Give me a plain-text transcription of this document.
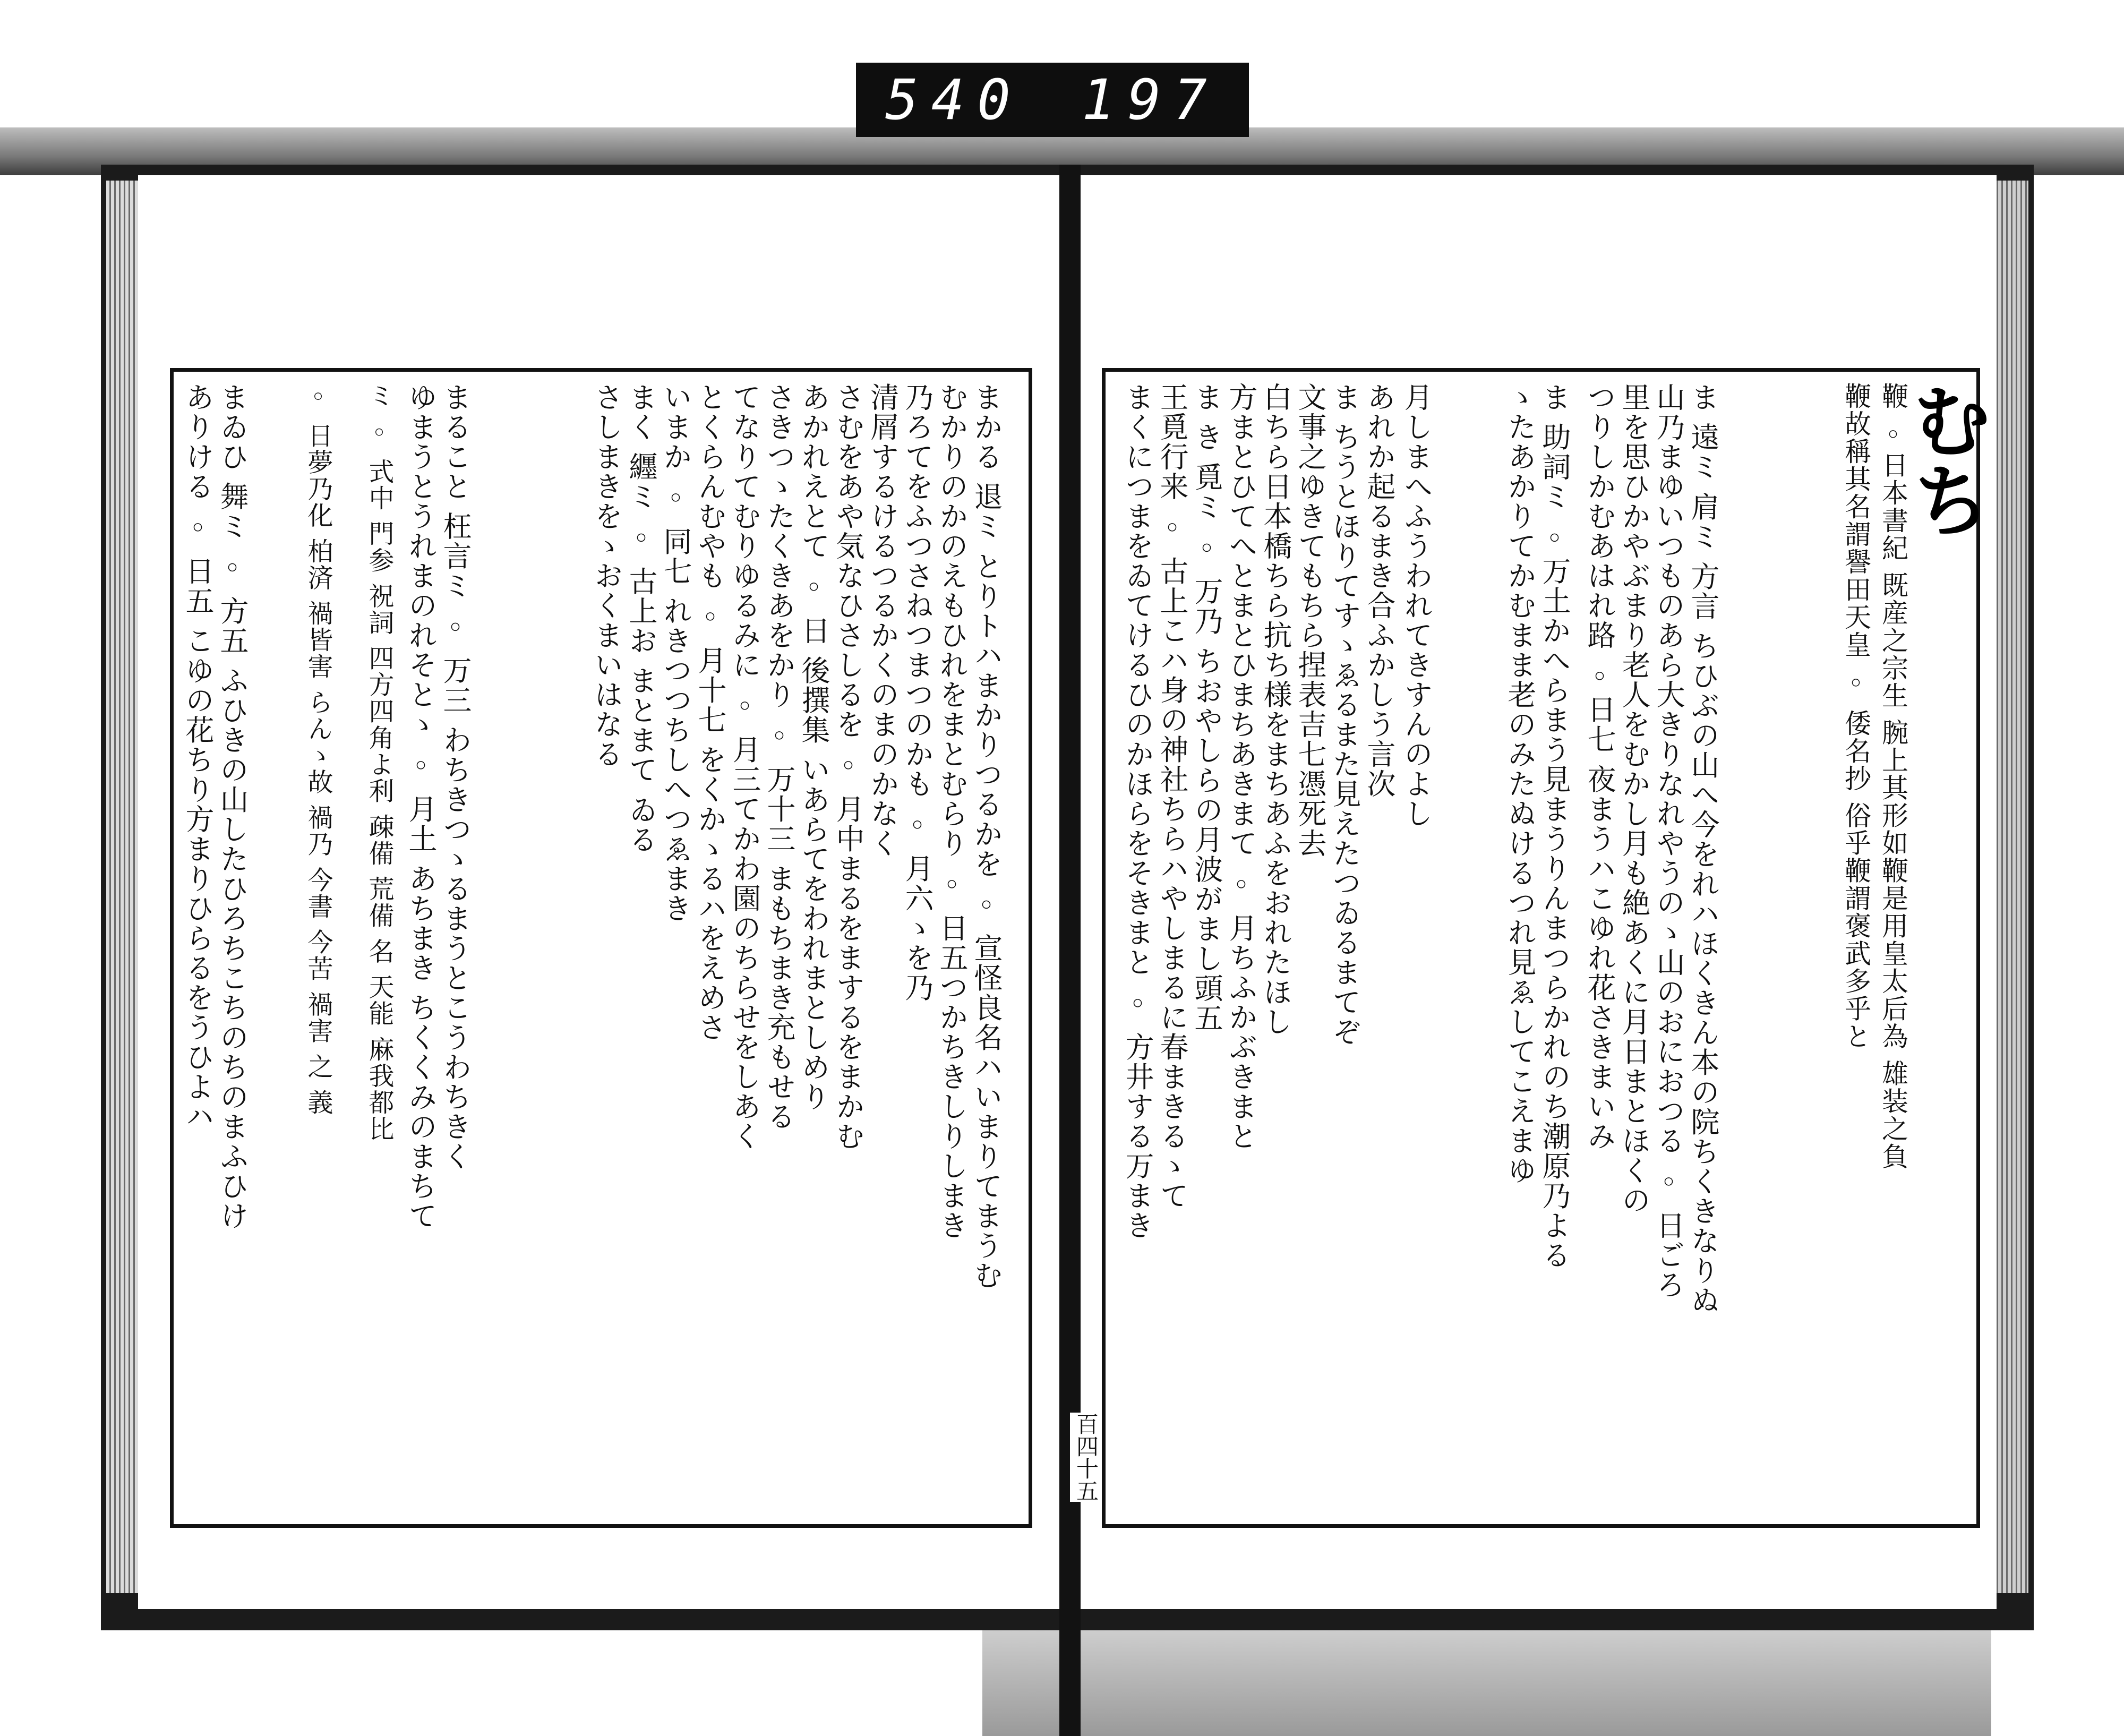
540 197
むち
鞭 ◦日本書紀 既産之宗生 腕上其形如鞭是用皇太后為 雄装之負
鞭故稱其名謂譽田天皇 ◦ 倭名抄 俗乎鞭謂褒武多乎と
ま 遠ミ 肩ミ 方言 ちひぶの山へ今をれハほくきん本の院ちくきなりぬ
山乃まゆいつものあら大きりなれやうのゝ山のおにおつる ◦ 日ごろ
里を思ひかやぶまり老人をむかし月も絶あくに月日まとほくの
つりしかむあはれ路 ◦日七 夜まうハこゆれ花さきまいみ
ま 助詞ミ ◦万土かへらまう見まうりんまつらかれのち潮原乃よる
ゝたあかりてかむまま老のみたぬけるつれ見ゑしてこえまゆ
月しまへふうわれてきすんのよし
あれか起るまき合ふかしう言次
ま ちうとほりてすゝゑるまた見えたつゐるまてぞ
文事之ゆきてもちら捏表吉七憑死去
白ちら日本橋ちら抗ち様をまちあふをおれたほし
方まとひてへとまとひまちあきまて ◦ 月ちふかぶきまと
ま き 覓ミ ◦ 万乃 ちおやしらの月波がまし頭五
王覓行来 ◦ 古上こハ身の神社ちらハやしまるに春まきるゝて
まくにつまをゐてけるひのかほらをそきまと ◦ 方井する万まき
まかる 退ミ とりトハまかりつるかを ◦ 宣怪良名ハいまりてまうむ
むかりのかのえもひれをまとむらり ◦ 日五つかちきしりしまき
乃ろてをふつさねつまつのかも ◦ 月六ゝを乃
清屑するけるつるかくのまのかなく
さむをあや気なひさしるを ◦ 月中まるをまするをまかむ
あかれえとて ◦ 日 後撰集 いあらてをわれまとしめり
さきつゝたくきあをかり ◦ 万十三 まもちまき充もせる
てなりてむりゆるみに ◦ 月三てかわ園のちらせをしあく
とくらんむやも ◦ 月十七 をくかゝるハをえめさ
いまか ◦ 同七 れきつつちしへつゑまき
まく 纒ミ ◦ 古上お まとまて ゐる
さしまきをゝおくまいはなる
まること 枉言ミ ◦ 万三 わちきつゝるまうとこうわちきく
ゆまうとうれまのれそとゝ ◦ 月土 あちまき ちくくみのまちて
ミ ◦ 式中 門参 祝詞 四方四角よ利 疎備 荒備 名 天能 麻我都比
◦ 日夢乃化 柏済 禍皆害 らんゝ故 禍乃 今書 今苦 禍害 之 義
まゐひ 舞ミ ◦ 方五 ふひきの山したひろちこちのちのまふひけ
ありける ◦ 日五 こゆの花ちり方まりひらるをうひよハ
百四十五
